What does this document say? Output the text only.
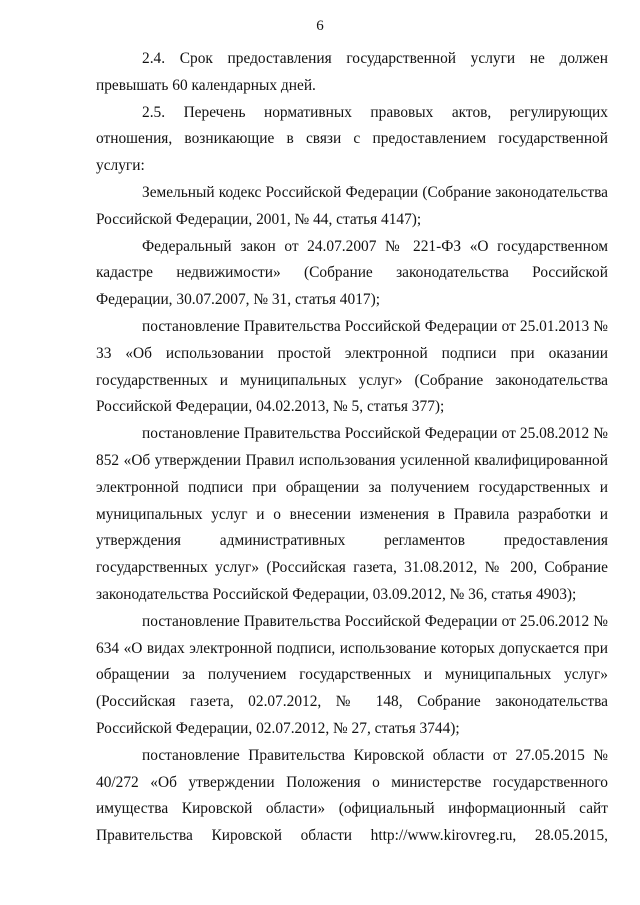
6

2.4. Срок предоставления государственной услуги не должен превышать 60 календарных дней.

2.5. Перечень нормативных правовых актов, регулирующих отношения, возникающие в связи с предоставлением государственной услуги:

Земельный кодекс Российской Федерации (Собрание законодательства Российской Федерации, 2001, № 44, статья 4147);

Федеральный закон от 24.07.2007 № 221-ФЗ «О государственном кадастре недвижимости» (Собрание законодательства Российской Федерации, 30.07.2007, № 31, статья 4017);

постановление Правительства Российской Федерации от 25.01.2013 № 33 «Об использовании простой электронной подписи при оказании государственных и муниципальных услуг» (Собрание законодательства Российской Федерации, 04.02.2013, № 5, статья 377);

постановление Правительства Российской Федерации от 25.08.2012 № 852 «Об утверждении Правил использования усиленной квалифицированной электронной подписи при обращении за получением государственных и муниципальных услуг и о внесении изменения в Правила разработки и утверждения административных регламентов предоставления государственных услуг» (Российская газета, 31.08.2012, № 200, Собрание законодательства Российской Федерации, 03.09.2012, № 36, статья 4903);

постановление Правительства Российской Федерации от 25.06.2012 № 634 «О видах электронной подписи, использование которых допускается при обращении за получением государственных и муниципальных услуг» (Российская газета, 02.07.2012, № 148, Собрание законодательства Российской Федерации, 02.07.2012, № 27, статья 3744);

постановление Правительства Кировской области от 27.05.2015 № 40/272 «Об утверждении Положения о министерстве государственного имущества Кировской области» (официальный информационный сайт Правительства Кировской области http://www.kirovreg.ru, 28.05.2015,
